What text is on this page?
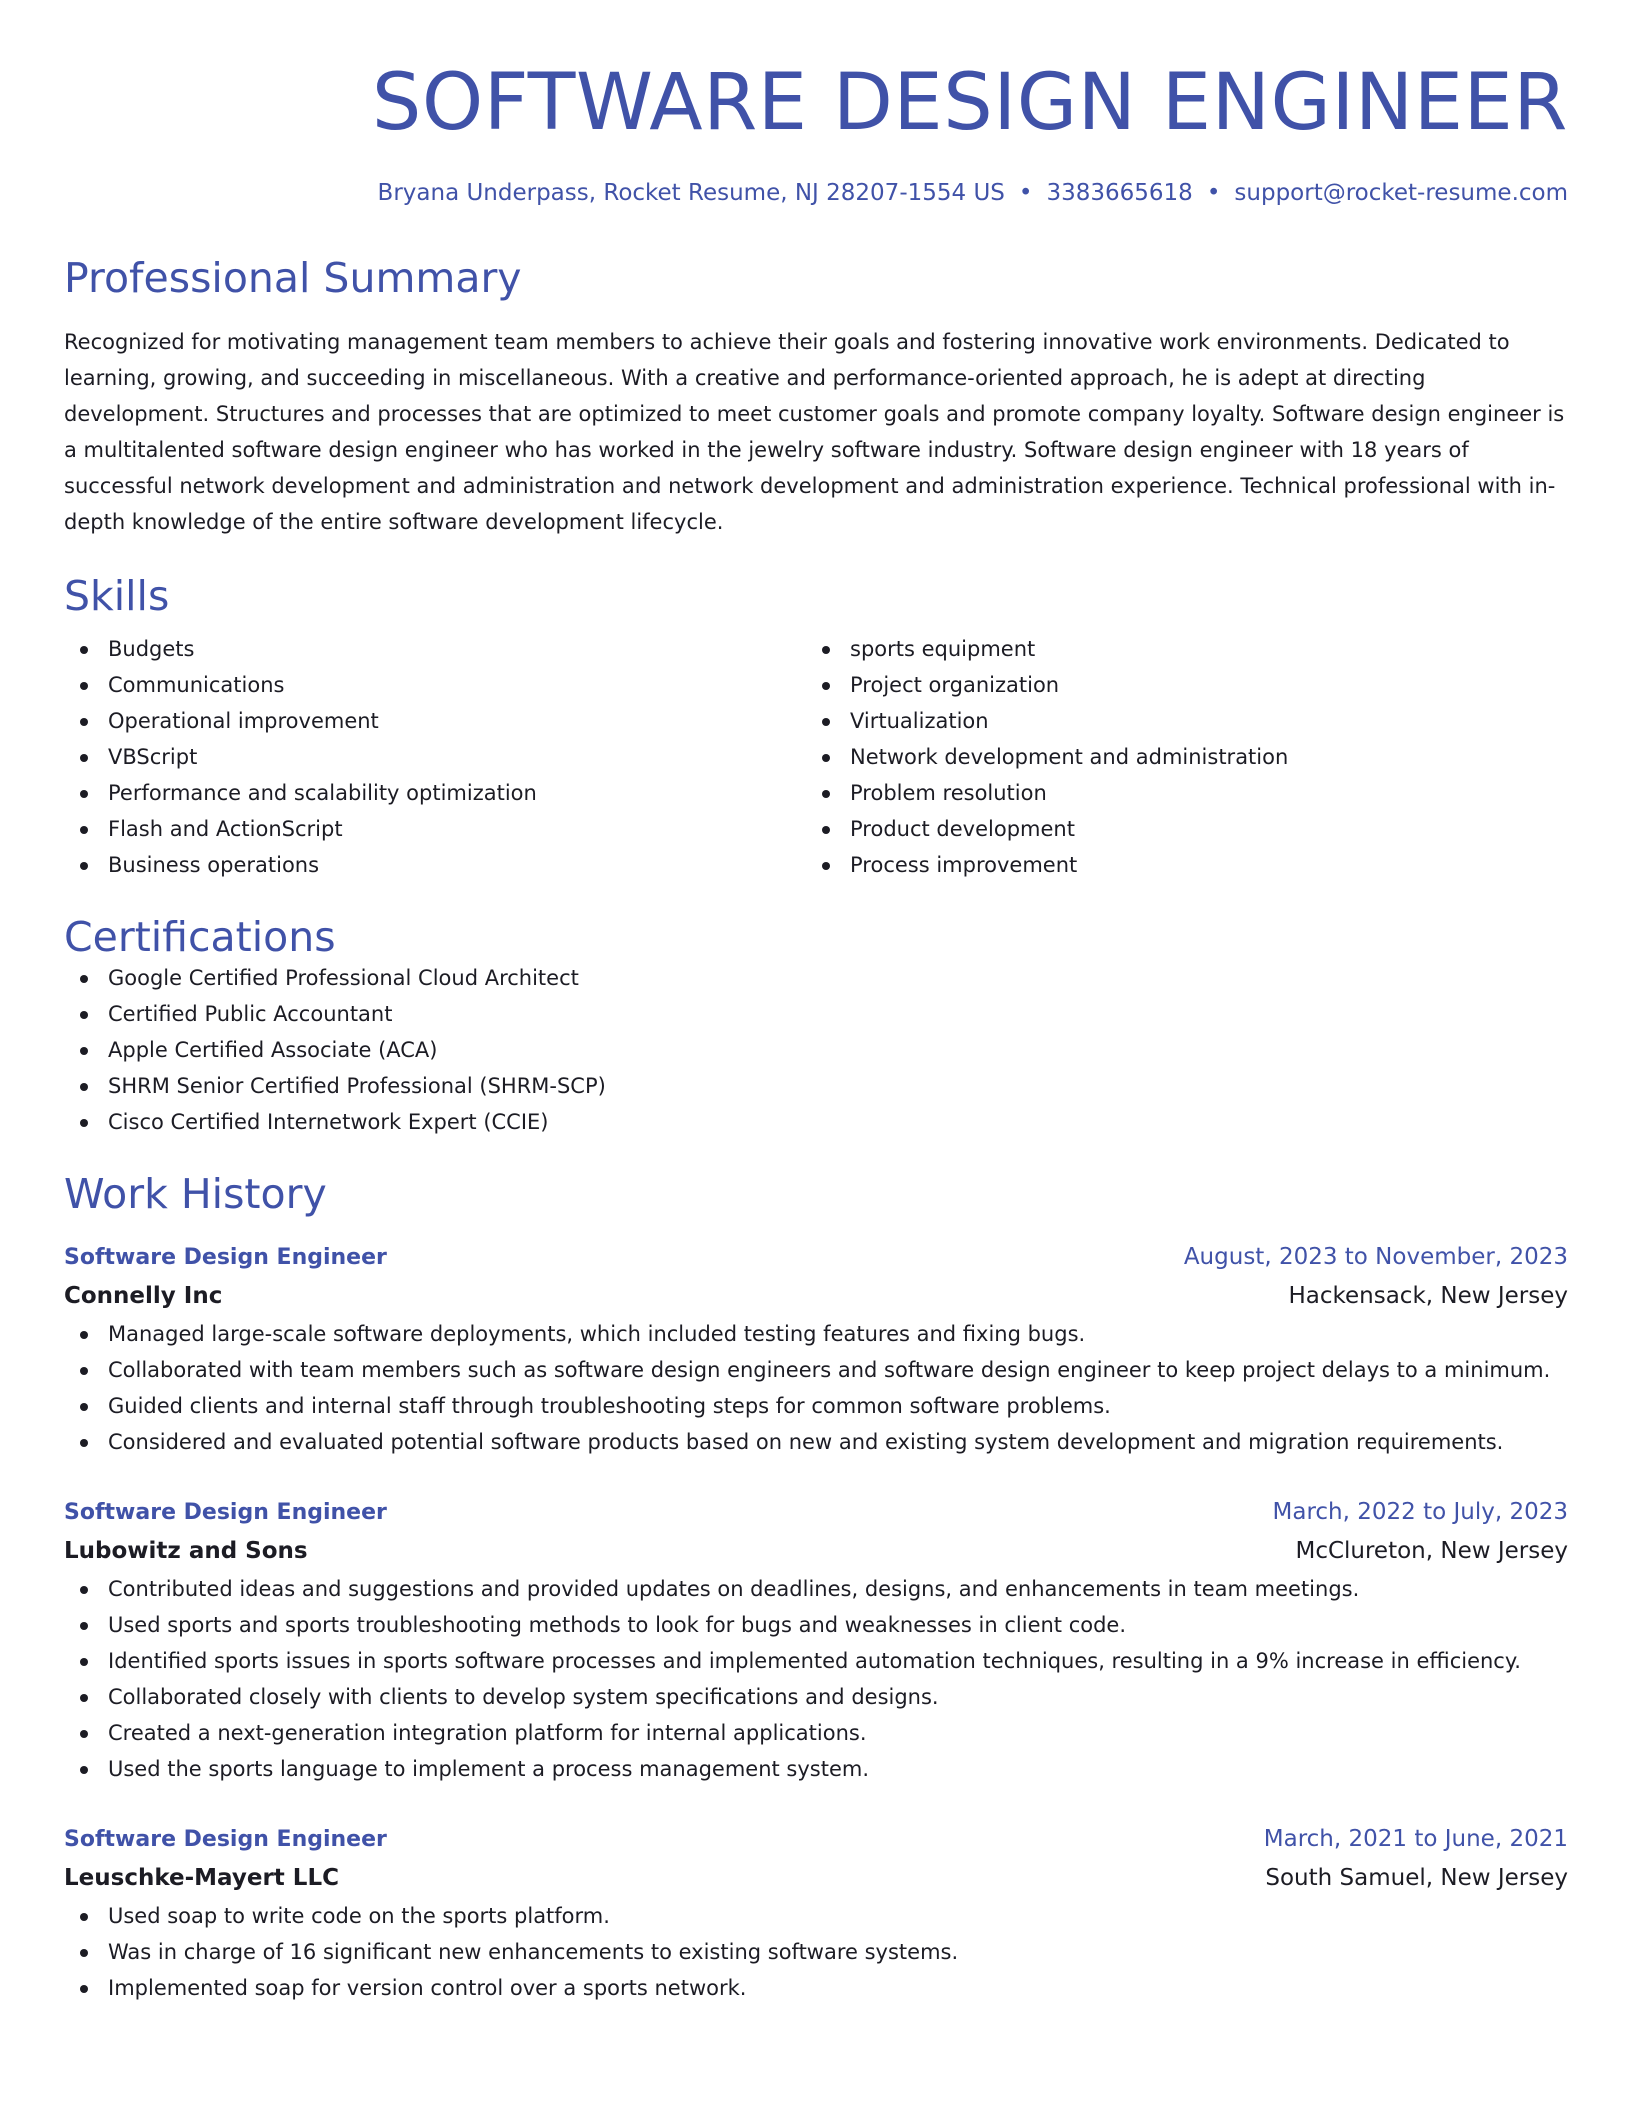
SOFTWARE DESIGN ENGINEER
Bryana Underpass, Rocket Resume, NJ 28207-1554 US • 3383665618 • support@rocket-resume.com
Professional Summary

Recognized for motivating management team members to achieve their goals and fostering innovative work environments. Dedicated to learning, growing, and succeeding in miscellaneous. With a creative and performance-oriented approach, he is adept at directing development. Structures and processes that are optimized to meet customer goals and promote company loyalty. Software design engineer is a multitalented software design engineer who has worked in the jewelry software industry. Software design engineer with 18 years of successful network development and administration and network development and administration experience. Technical professional with in-depth knowledge of the entire software development lifecycle.

Skills
Budgets
Communications
Operational improvement
VBScript
Performance and scalability optimization
Flash and ActionScript
Business operations
sports equipment
Project organization
Virtualization
Network development and administration
Problem resolution
Product development
Process improvement
Certifications
Google Certified Professional Cloud Architect
Certified Public Accountant
Apple Certified Associate (ACA)
SHRM Senior Certified Professional (SHRM-SCP)
Cisco Certified Internetwork Expert (CCIE)
Work History
Software Design Engineer	August, 2023 to November, 2023
Connelly Inc	Hackensack, New Jersey
Managed large-scale software deployments, which included testing features and fixing bugs.
Collaborated with team members such as software design engineers and software design engineer to keep project delays to a minimum.
Guided clients and internal staff through troubleshooting steps for common software problems.
Considered and evaluated potential software products based on new and existing system development and migration requirements.
Software Design Engineer	March, 2022 to July, 2023
Lubowitz and Sons	McClureton, New Jersey
Contributed ideas and suggestions and provided updates on deadlines, designs, and enhancements in team meetings.
Used sports and sports troubleshooting methods to look for bugs and weaknesses in client code.
Identified sports issues in sports software processes and implemented automation techniques, resulting in a 9% increase in efficiency.
Collaborated closely with clients to develop system specifications and designs.
Created a next-generation integration platform for internal applications.
Used the sports language to implement a process management system.
Software Design Engineer	March, 2021 to June, 2021
Leuschke-Mayert LLC	South Samuel, New Jersey
Used soap to write code on the sports platform.
Was in charge of 16 significant new enhancements to existing software systems.
Implemented soap for version control over a sports network.
